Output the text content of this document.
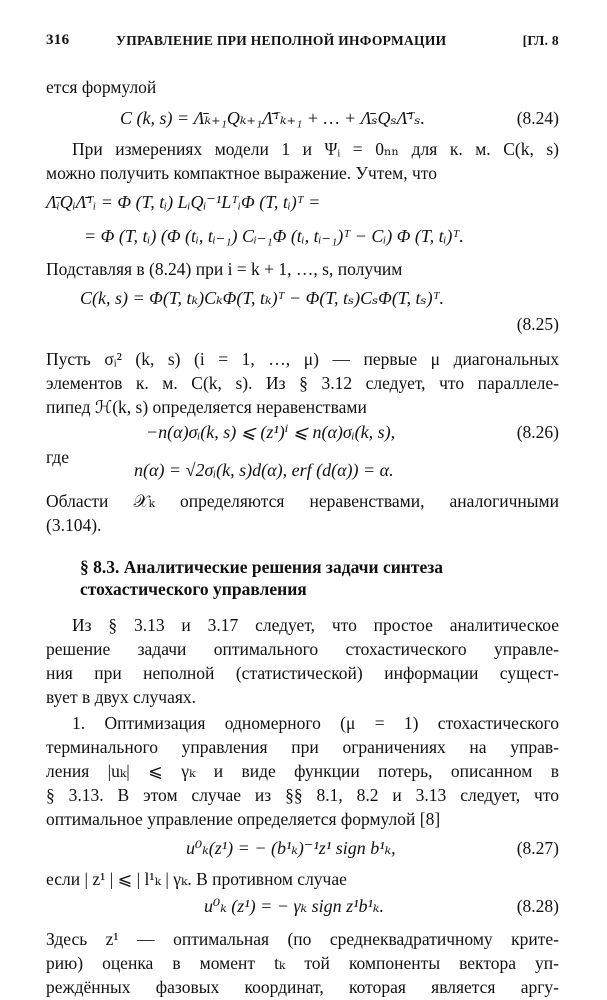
316	УПРАВЛЕНИЕ ПРИ НЕПОЛНОЙ ИНФОРМАЦИИ	[ГЛ. 8
ется формулой
C (k, s) = Λ̄ₖ₊₁Qₖ₊₁Λ̄ᵀₖ₊₁ + … + Λ̄ₛQₛΛ̄ᵀₛ.	(8.24)
При измерениях модели 1 и Ψᵢ = 0ₙₙ для к. м. C(k, s)
можно получить компактное выражение. Учтем, что
Λ̄ᵢQᵢΛ̄ᵀᵢ = Φ (T, tᵢ) LᵢQᵢ⁻¹LᵀᵢΦ (T, tᵢ)ᵀ =
= Φ (T, tᵢ) (Φ (tᵢ, tᵢ₋₁) Cᵢ₋₁Φ (tᵢ, tᵢ₋₁)ᵀ − Cᵢ) Φ (T, tᵢ)ᵀ.
Подставляя в (8.24) при i = k + 1, …, s, получим
C(k, s) = Φ(T, tₖ)CₖΦ(T, tₖ)ᵀ − Φ(T, tₛ)CₛΦ(T, tₛ)ᵀ.
(8.25)
Пусть σᵢ² (k, s) (i = 1, …, μ) — первые μ диагональных
элементов к. м. C(k, s). Из § 3.12 следует, что параллеле-
пипед ℋ(k, s) определяется неравенствами
−n(α)σᵢ(k, s) ⩽ (z¹)ⁱ ⩽ n(α)σᵢ(k, s),	(8.26)
где
n(α) = √2σᵢ(k, s)d(α), erf (d(α)) = α.
Области 𝒳ₖ определяются неравенствами, аналогичными
(3.104).
§ 8.3. Аналитические решения задачи синтеза
стохастического управления
Из § 3.13 и 3.17 следует, что простое аналитическое
решение задачи оптимального стохастического управле-
ния при неполной (статистической) информации сущест-
вует в двух случаях.
1. Оптимизация одномерного (μ = 1) стохастического
терминального управления при ограничениях на управ-
ления |uₖ| ⩽ γₖ и виде функции потерь, описанном в
§ 3.13. В этом случае из §§ 8.1, 8.2 и 3.13 следует, что
оптимальное управление определяется формулой [8]
u⁰ₖ(z¹) = − (b¹ₖ)⁻¹z¹ sign b¹ₖ,	(8.27)
если | z¹ | ⩽ | l¹ₖ | γₖ. В противном случае
u⁰ₖ (z¹) = − γₖ sign z¹b¹ₖ.	(8.28)
Здесь z¹ — оптимальная (по среднеквадратичному крите-
рию) оценка в момент tₖ той компоненты вектора уп-
реждённых фазовых координат, которая является аргу-
